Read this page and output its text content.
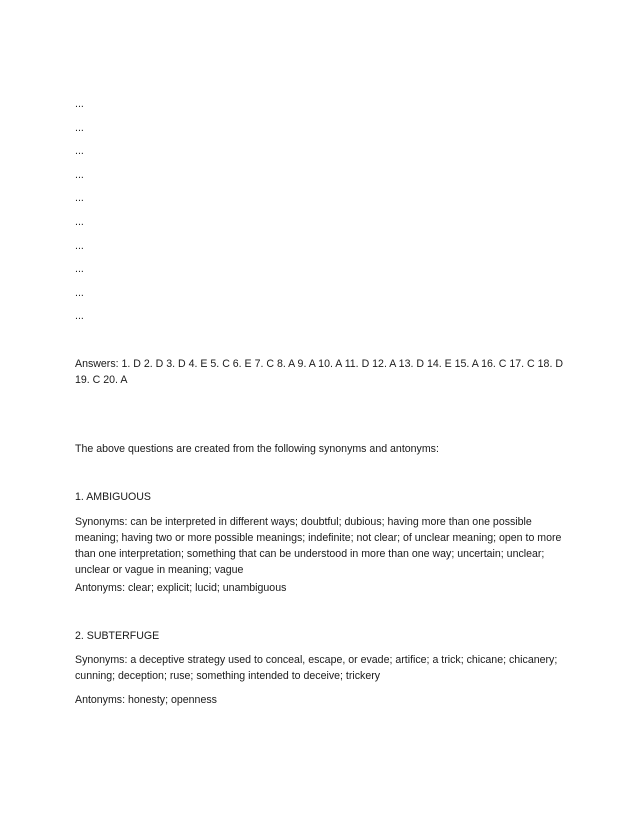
...
...
...
...
...
...
...
...
...
...

Answers: 1. D 2. D 3. D 4. E 5. C 6. E 7. C 8. A 9. A 10. A 11. D 12. A 13. D 14. E 15. A 16. C 17. C 18. D 19. C 20. A

The above questions are created from the following synonyms and antonyms:

1. AMBIGUOUS

Synonyms: can be interpreted in different ways; doubtful; dubious; having more than one possible meaning; having two or more possible meanings; indefinite; not clear; of unclear meaning; open to more than one interpretation; something that can be understood in more than one way; uncertain; unclear; unclear or vague in meaning; vague

Antonyms: clear; explicit; lucid; unambiguous

2. SUBTERFUGE

Synonyms: a deceptive strategy used to conceal, escape, or evade; artifice; a trick; chicane; chicanery; cunning; deception; ruse; something intended to deceive; trickery

Antonyms: honesty; openness
